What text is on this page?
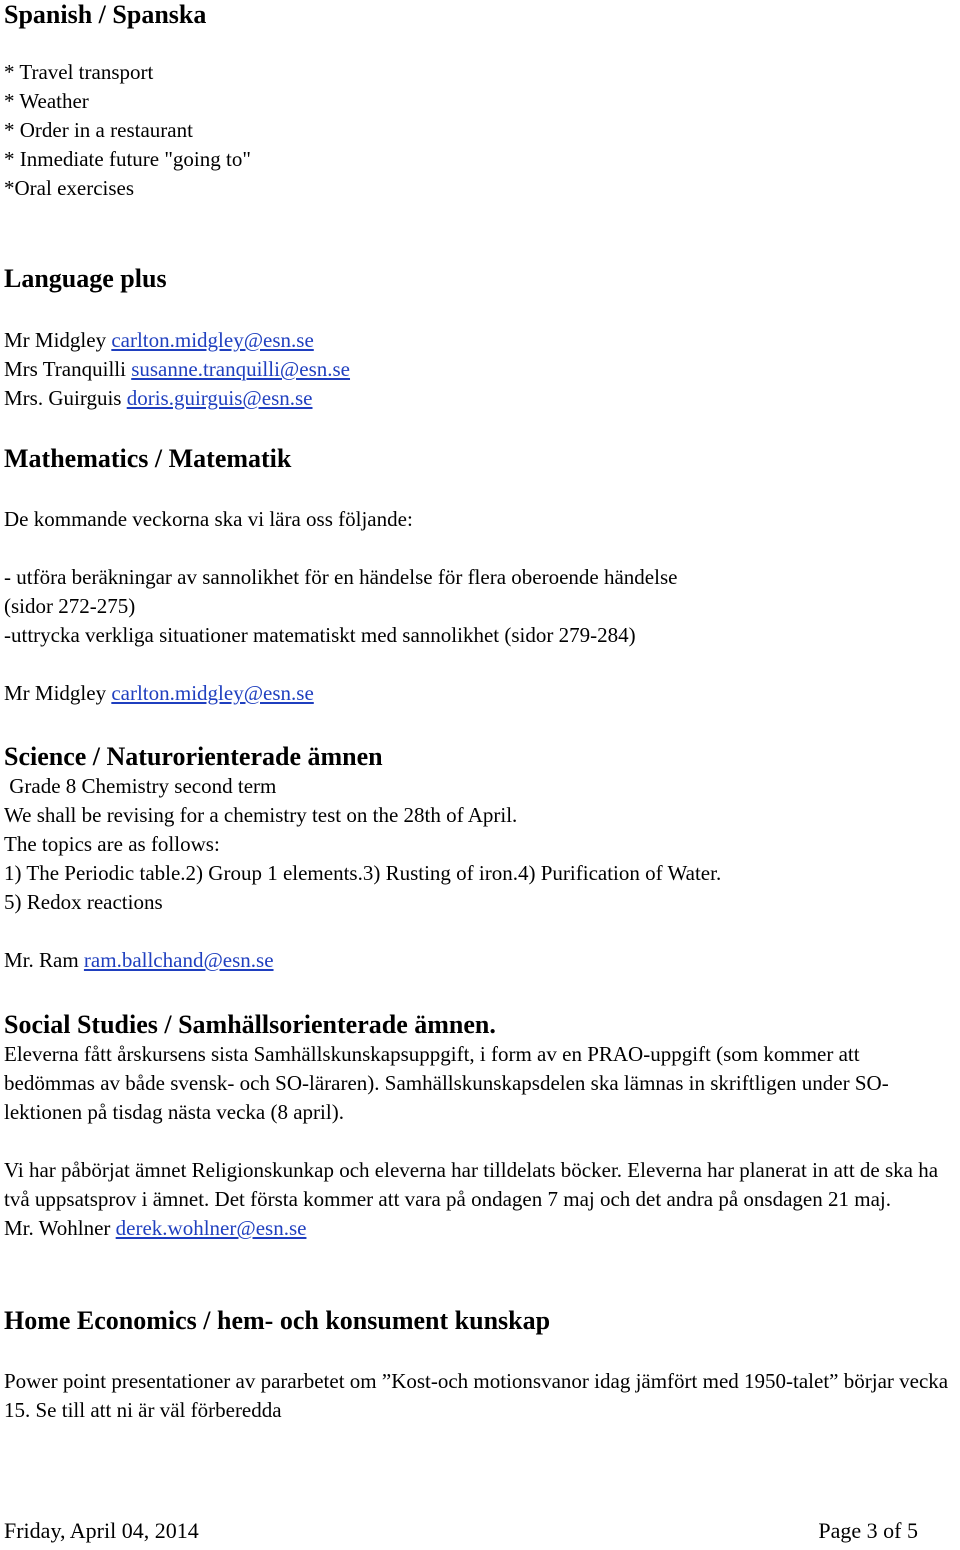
Spanish / Spanska

* Travel transport

* Weather

* Order in a restaurant

* Inmediate future "going to"

*Oral exercises

Language plus

Mr Midgley carlton.midgley@esn.se

Mrs Tranquilli susanne.tranquilli@esn.se

Mrs. Guirguis doris.guirguis@esn.se

Mathematics / Matematik

De kommande veckorna ska vi lära oss följande:

- utföra beräkningar av sannolikhet för en händelse för flera oberoende händelse

(sidor 272-275)

-uttrycka verkliga situationer matematiskt med sannolikhet (sidor 279-284)

Mr Midgley carlton.midgley@esn.se

Science / Naturorienterade ämnen

Grade 8 Chemistry second term

We shall be revising for a chemistry test on the 28th of April.

The topics are as follows:

1) The Periodic table.2) Group 1 elements.3) Rusting of iron.4) Purification of Water.

5) Redox reactions

Mr. Ram ram.ballchand@esn.se

Social Studies / Samhällsorienterade ämnen.

Eleverna fått årskursens sista Samhällskunskapsuppgift, i form av en PRAO-uppgift (som kommer att bedömmas av både svensk- och SO-läraren). Samhällskunskapsdelen ska lämnas in skriftligen under SO-lektionen på tisdag nästa vecka (8 april).

Vi har påbörjat ämnet Religionskunkap och eleverna har tilldelats böcker. Eleverna har planerat in att de ska ha två uppsatsprov i ämnet. Det första kommer att vara på ondagen 7 maj och det andra på onsdagen 21 maj.

Mr. Wohlner derek.wohlner@esn.se

Home Economics / hem- och konsument kunskap

Power point presentationer av pararbetet om ”Kost-och motionsvanor idag jämfört med 1950-talet” börjar vecka 15. Se till att ni är väl förberedda

Friday, April 04, 2014	Page 3 of 5
